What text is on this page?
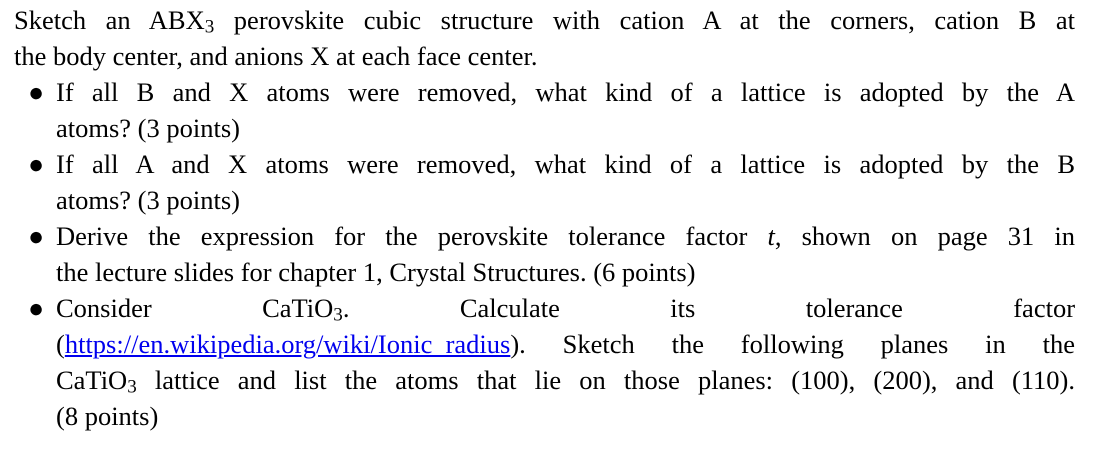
Sketch an ABX3 perovskite cubic structure with cation A at the corners, cation B at
the body center, and anions X at each face center.

● If all B and X atoms were removed, what kind of a lattice is adopted by the A
atoms? (3 points)
● If all A and X atoms were removed, what kind of a lattice is adopted by the B
atoms? (3 points)
● Derive the expression for the perovskite tolerance factor t, shown on page 31 in
the lecture slides for chapter 1, Crystal Structures. (6 points)
● Consider	CaTiO3.	Calculate	its	tolerance	factor
(https://en.wikipedia.org/wiki/Ionic_radius). Sketch the following planes in the
CaTiO3 lattice and list the atoms that lie on those planes: (100), (200), and (110).
(8 points)
